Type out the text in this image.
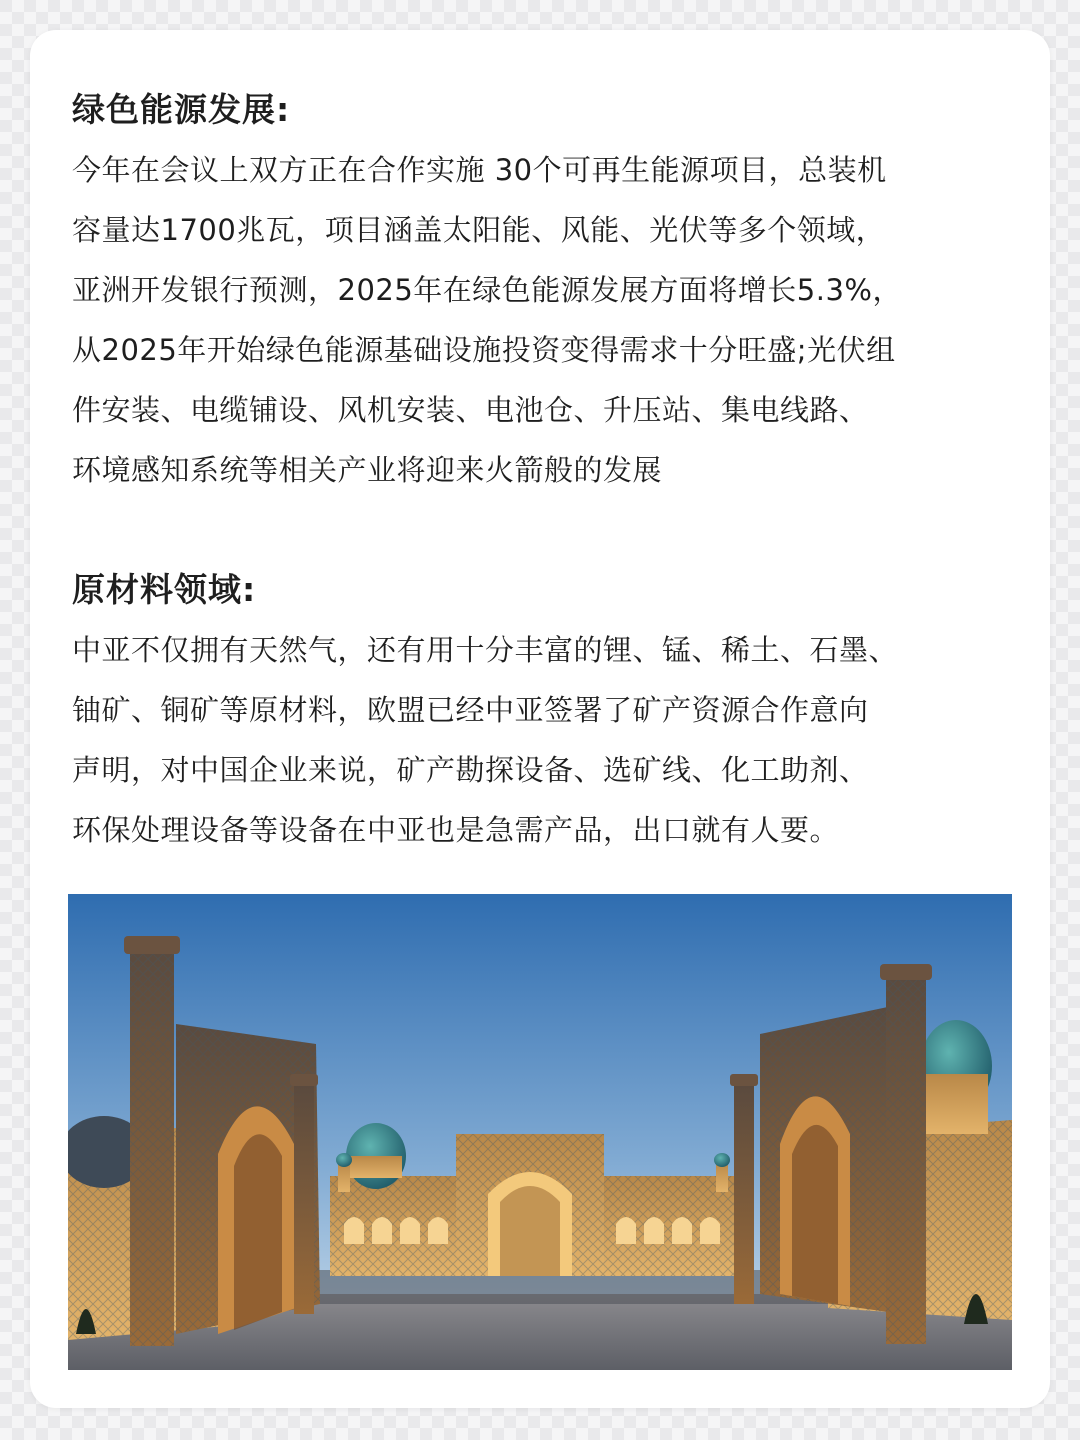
绿色能源发展:
今年在会议上双方正在合作实施 30个可再生能源项目，总装机
容量达1700兆瓦，项目涵盖太阳能、风能、光伏等多个领域，
亚洲开发银行预测，2025年在绿色能源发展方面将增长5.3%，
从2025年开始绿色能源基础设施投资变得需求十分旺盛;光伏组
件安装、电缆铺设、风机安装、电池仓、升压站、集电线路、
环境感知系统等相关产业将迎来火箭般的发展
原材料领域:
中亚不仅拥有天然气，还有用十分丰富的锂、锰、稀土、石墨、
铀矿、铜矿等原材料，欧盟已经中亚签署了矿产资源合作意向
声明，对中国企业来说，矿产勘探设备、选矿线、化工助剂、
环保处理设备等设备在中亚也是急需产品，出口就有人要。
